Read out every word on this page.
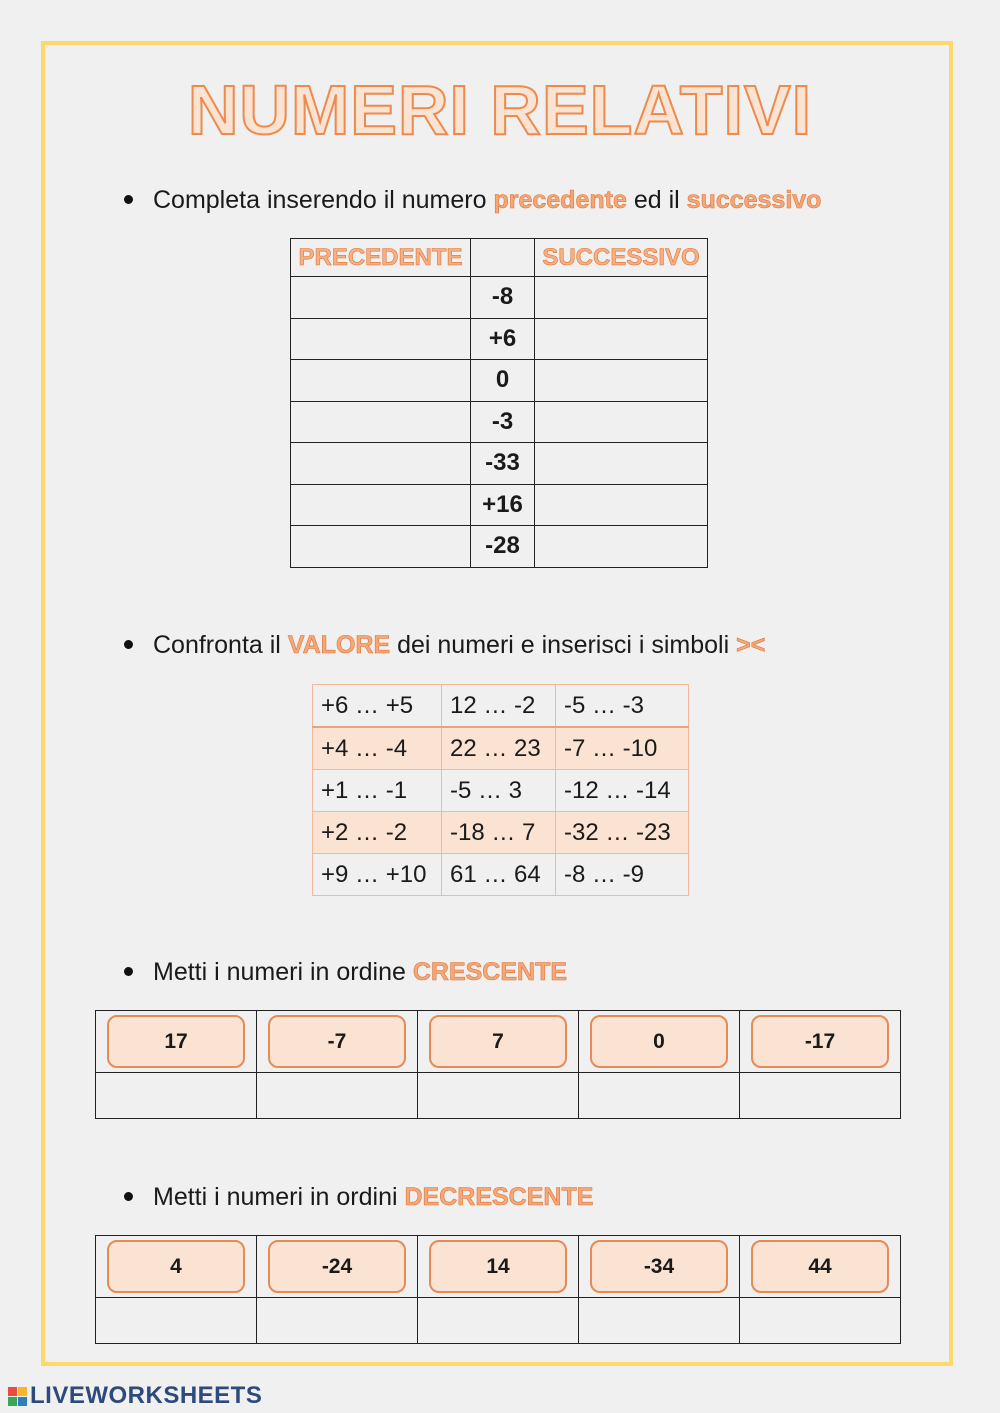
NUMERI RELATIVI
Completa inserendo il numero precedente ed il successivo
PRECEDENTE		SUCCESSIVO
	-8	
	+6	
	0	
	-3	
	-33	
	+16	
	-28	
Confronta il VALORE dei numeri e inserisci i simboli ><
+6 … +5	12 … -2	-5 … -3
+4 … -4	22 … 23	-7 … -10
+1 … -1	-5 … 3	-12 … -14
+2 … -2	-18 … 7	-32 … -23
+9 … +10	61 … 64	-8 … -9
Metti i numeri in ordine CRESCENTE
17	-7	7	0	-17

Metti i numeri in ordini DECRESCENTE
4	-24	14	-34	44

LIVEWORKSHEETS
